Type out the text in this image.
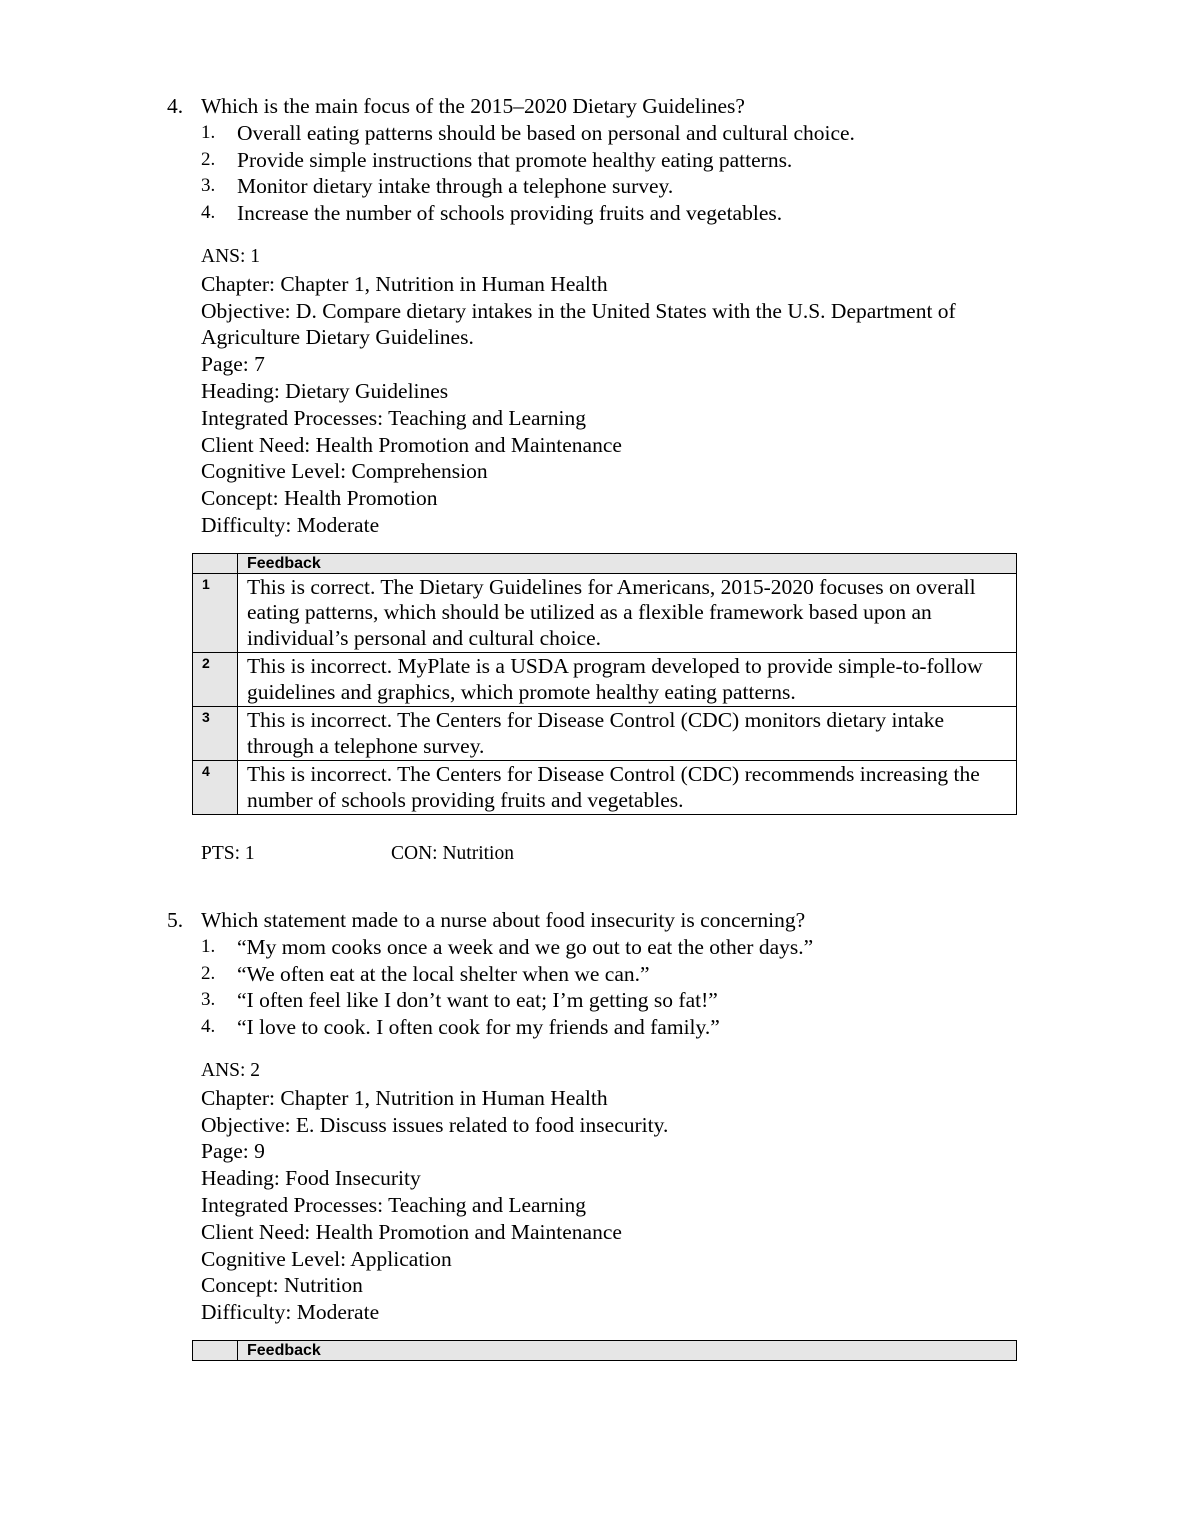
4. Which is the main focus of the 2015–2020 Dietary Guidelines?
1.	Overall eating patterns should be based on personal and cultural choice.
2.	Provide simple instructions that promote healthy eating patterns.
3.	Monitor dietary intake through a telephone survey.
4.	Increase the number of schools providing fruits and vegetables.
ANS: 1
Chapter: Chapter 1, Nutrition in Human Health
Objective: D. Compare dietary intakes in the United States with the U.S. Department of Agriculture Dietary Guidelines.
Page: 7
Heading: Dietary Guidelines
Integrated Processes: Teaching and Learning
Client Need: Health Promotion and Maintenance
Cognitive Level: Comprehension
Concept: Health Promotion
Difficulty: Moderate
	Feedback
1	This is correct. The Dietary Guidelines for Americans, 2015-2020 focuses on overall eating patterns, which should be utilized as a flexible framework based upon an individual’s personal and cultural choice.
2	This is incorrect. MyPlate is a USDA program developed to provide simple-to-follow guidelines and graphics, which promote healthy eating patterns.
3	This is incorrect. The Centers for Disease Control (CDC) monitors dietary intake through a telephone survey.
4	This is incorrect. The Centers for Disease Control (CDC) recommends increasing the number of schools providing fruits and vegetables.
PTS: 1	CON: Nutrition
5. Which statement made to a nurse about food insecurity is concerning?
1.	“My mom cooks once a week and we go out to eat the other days.”
2.	“We often eat at the local shelter when we can.”
3.	“I often feel like I don’t want to eat; I’m getting so fat!”
4.	“I love to cook. I often cook for my friends and family.”
ANS: 2
Chapter: Chapter 1, Nutrition in Human Health
Objective: E. Discuss issues related to food insecurity.
Page: 9
Heading: Food Insecurity
Integrated Processes: Teaching and Learning
Client Need: Health Promotion and Maintenance
Cognitive Level: Application
Concept: Nutrition
Difficulty: Moderate
	Feedback
